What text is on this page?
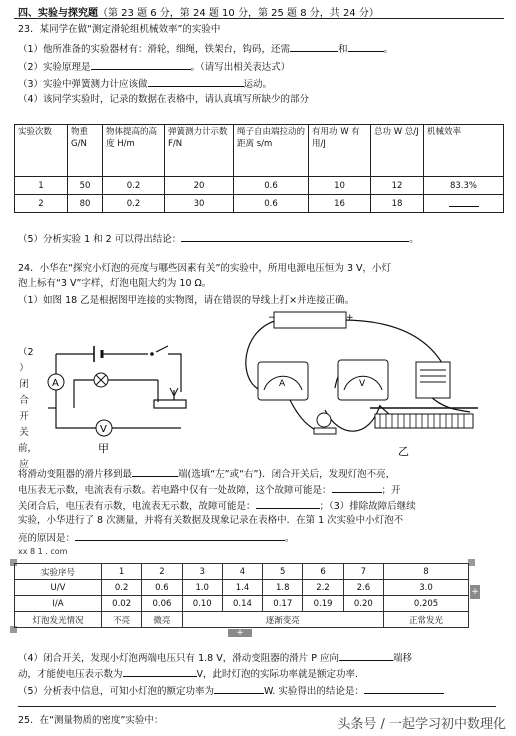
四、实验与探究题（第 23 题 6 分，第 24 题 10 分，第 25 题 8 分，共 24 分）
23．某同学在做“测定滑轮组机械效率”的实验中
（1）他所准备的实验器材有：滑轮，细绳，铁架台，钩码，还需	和	。
（2）实验原理是	。（请写出相关表达式）
（3）实验中弹簧测力计应该做	运动。
（4）该同学实验时，记录的数据在表格中，请认真填写所缺少的部分
实验次数	物重 G/N	物体提高的高度 H/m	弹簧测力计示数 F/N	绳子自由端拉动的距离 s/m	有用功 W 有用/J	总功 W 总/J	机械效率
1	50	0.2	20	0.6	10	12	83.3%
2	80	0.2	30	0.6	16	18	
（5）分析实验 1 和 2 可以得出结论：	。
24．小华在“探究小灯泡的亮度与哪些因素有关”的实验中，所用电源电压恒为 3 V，小灯
泡上标有“3 V”字样，灯泡电阻大约为 10 Ω。
（1）如图 18 乙是根据图甲连接的实物图，请在错误的导线上打×并连接正确。
（2
）闭
合
开
关
前，
应
A
V
甲
−	+
A	V
乙
将滑动变阻器的滑片移到最	端(选填“左”或“右”)．闭合开关后，发现灯泡不亮，
电压表无示数，电流表有示数。若电路中仅有一处故障，这个故障可能是：	；开
关闭合后，电压表有示数，电流表无示数，故障可能是：	；（3）排除故障后继续
实验，小华进行了 8 次测量，并将有关数据及现象记录在表格中．在第 1 次实验中小灯泡不
亮的原因是：	。
xx 8 1 . com
+
+
实验序号	1	2	3	4	5	6	7	8
U/V	0.2	0.6	1.0	1.4	1.8	2.2	2.6	3.0
I/A	0.02	0.06	0.10	0.14	0.17	0.19	0.20	0.205
灯泡发光情况	不亮	微亮	逐渐变亮					正常发光
（4）闭合开关，发现小灯泡两端电压只有 1.8 V，滑动变阻器的滑片 P 应向	端移
动，才能使电压表示数为	V，此时灯泡的实际功率就是额定功率.
（5）分析表中信息，可知小灯泡的额定功率为	W. 实验得出的结论是：
25．在“测量物质的密度”实验中：	头条号 / 一起学习初中数理化
